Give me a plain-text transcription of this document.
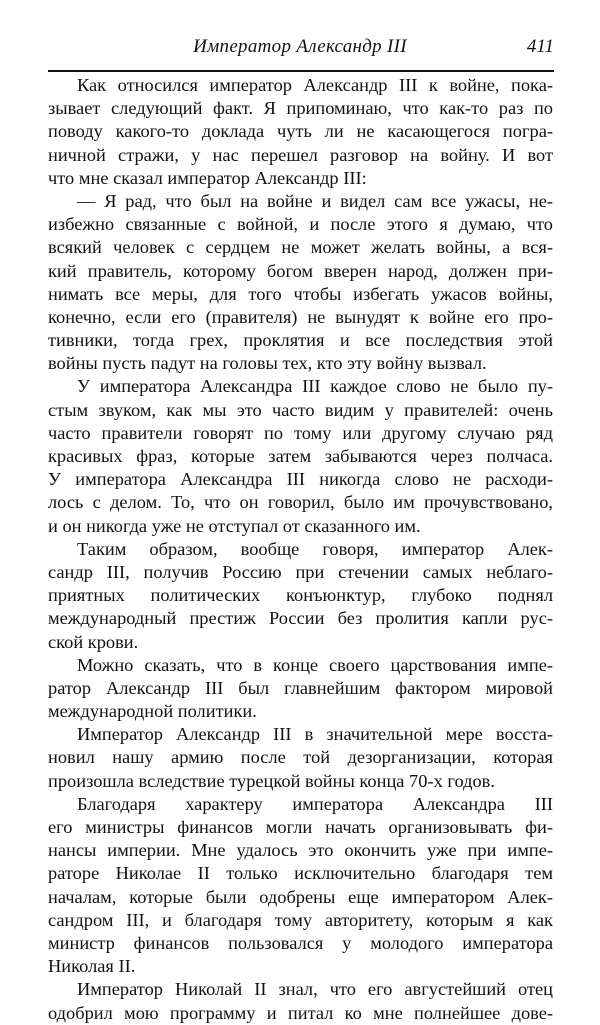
Император Александр III	411
Как относился император Александр III к войне, пока-
зывает следующий факт. Я припоминаю, что как-то раз по
поводу какого-то доклада чуть ли не касающегося погра-
ничной стражи, у нас перешел разговор на войну. И вот
что мне сказал император Александр III:
— Я рад, что был на войне и видел сам все ужасы, не-
избежно связанные с войной, и после этого я думаю, что
всякий человек с сердцем не может желать войны, а вся-
кий правитель, которому богом вверен народ, должен при-
нимать все меры, для того чтобы избегать ужасов войны,
конечно, если его (правителя) не вынудят к войне его про-
тивники, тогда грех, проклятия и все последствия этой
войны пусть падут на головы тех, кто эту войну вызвал.
У императора Александра III каждое слово не было пу-
стым звуком, как мы это часто видим у правителей: очень
часто правители говорят по тому или другому случаю ряд
красивых фраз, которые затем забываются через полчаса.
У императора Александра III никогда слово не расходи-
лось с делом. То, что он говорил, было им прочувствовано,
и он никогда уже не отступал от сказанного им.
Таким образом, вообще говоря, император Алек-
сандр III, получив Россию при стечении самых неблаго-
приятных политических конъюнктур, глубоко поднял
международный престиж России без пролития капли рус-
ской крови.
Можно сказать, что в конце своего царствования импе-
ратор Александр III был главнейшим фактором мировой
международной политики.
Император Александр III в значительной мере восста-
новил нашу армию после той дезорганизации, которая
произошла вследствие турецкой войны конца 70-х годов.
Благодаря характеру императора Александра III
его министры финансов могли начать организовывать фи-
нансы империи. Мне удалось это окончить уже при импе-
раторе Николае II только исключительно благодаря тем
началам, которые были одобрены еще императором Алек-
сандром III, и благодаря тому авторитету, которым я как
министр финансов пользовался у молодого императора
Николая II.
Император Николай II знал, что его августейший отец
одобрил мою программу и питал ко мне полнейшее дове-
